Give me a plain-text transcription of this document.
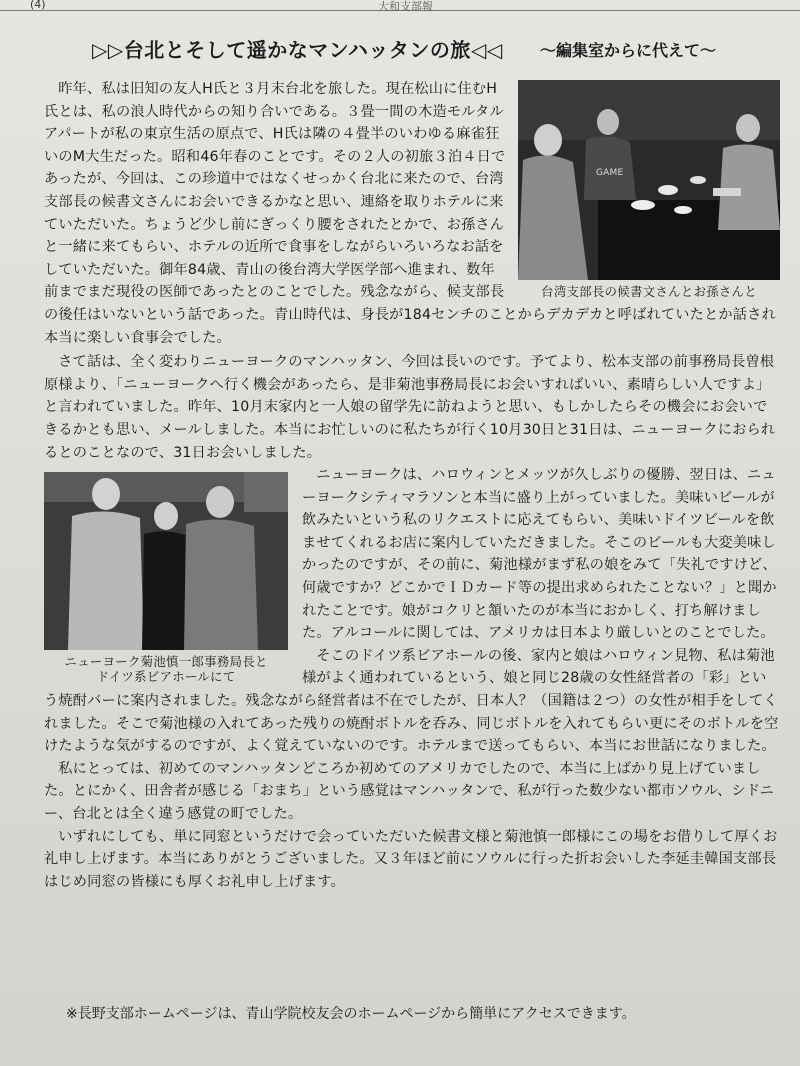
(4)	大和支部報
▷▷台北とそして遥かなマンハッタンの旅◁◁ ～編集室からに代えて～
GAME
台湾支部長の候書文さんとお孫さんと

昨年、私は旧知の友人H氏と３月末台北を旅した。現在松山に住むH氏とは、私の浪人時代からの知り合いである。３畳一間の木造モルタルアパートが私の東京生活の原点で、H氏は隣の４畳半のいわゆる麻雀狂いのM大生だった。昭和46年春のことです。その２人の初旅３泊４日であったが、今回は、この珍道中ではなくせっかく台北に来たので、台湾支部長の候書文さんにお会いできるかなと思い、連絡を取りホテルに来ていただいた。ちょうど少し前にぎっくり腰をされたとかで、お孫さんと一緒に来てもらい、ホテルの近所で食事をしながらいろいろなお話をしていただいた。御年84歳、青山の後台湾大学医学部へ進まれ、数年前までまだ現役の医師であったとのことでした。残念ながら、候支部長の後任はいないという話であった。青山時代は、身長が184センチのことからデカデカと呼ばれていたとか話され本当に楽しい食事会でした。

さて話は、全く変わりニューヨークのマンハッタン、今回は長いのです。予てより、松本支部の前事務局長曽根原様より、「ニューヨークへ行く機会があったら、是非菊池事務局長にお会いすればいい、素晴らしい人ですよ」と言われていました。昨年、10月末家内と一人娘の留学先に訪ねようと思い、もしかしたらその機会にお会いできるかとも思い、メールしました。本当にお忙しいのに私たちが行く10月30日と31日は、ニューヨークにおられるとのことなので、31日お会いしました。

ニューヨーク菊池慎一郎事務局長と
ドイツ系ビアホールにて

ニューヨークは、ハロウィンとメッツが久しぶりの優勝、翌日は、ニューヨークシティマラソンと本当に盛り上がっていました。美味いビールが飲みたいという私のリクエストに応えてもらい、美味いドイツビールを飲ませてくれるお店に案内していただきました。そこのビールも大変美味しかったのですが、その前に、菊池様がまず私の娘をみて「失礼ですけど、何歳ですか？どこかでＩＤカード等の提出求められたことない？」と聞かれたことです。娘がコクリと頷いたのが本当におかしく、打ち解けました。アルコールに関しては、アメリカは日本より厳しいとのことでした。

そこのドイツ系ビアホールの後、家内と娘はハロウィン見物、私は菊池様がよく通われているという、娘と同じ28歳の女性経営者の「彩」という焼酎バーに案内されました。残念ながら経営者は不在でしたが、日本人？（国籍は２つ）の女性が相手をしてくれました。そこで菊池様の入れてあった残りの焼酎ボトルを呑み、同じボトルを入れてもらい更にそのボトルを空けたような気がするのですが、よく覚えていないのです。ホテルまで送ってもらい、本当にお世話になりました。

私にとっては、初めてのマンハッタンどころか初めてのアメリカでしたので、本当に上ばかり見上げていました。とにかく、田舎者が感じる「おまち」という感覚はマンハッタンで、私が行った数少ない都市ソウル、シドニー、台北とは全く違う感覚の町でした。

いずれにしても、単に同窓というだけで会っていただいた候書文様と菊池慎一郎様にこの場をお借りして厚くお礼申し上げます。本当にありがとうございました。又３年ほど前にソウルに行った折お会いした李延圭韓国支部長はじめ同窓の皆様にも厚くお礼申し上げます。

※長野支部ホームページは、青山学院校友会のホームページから簡単にアクセスできます。
